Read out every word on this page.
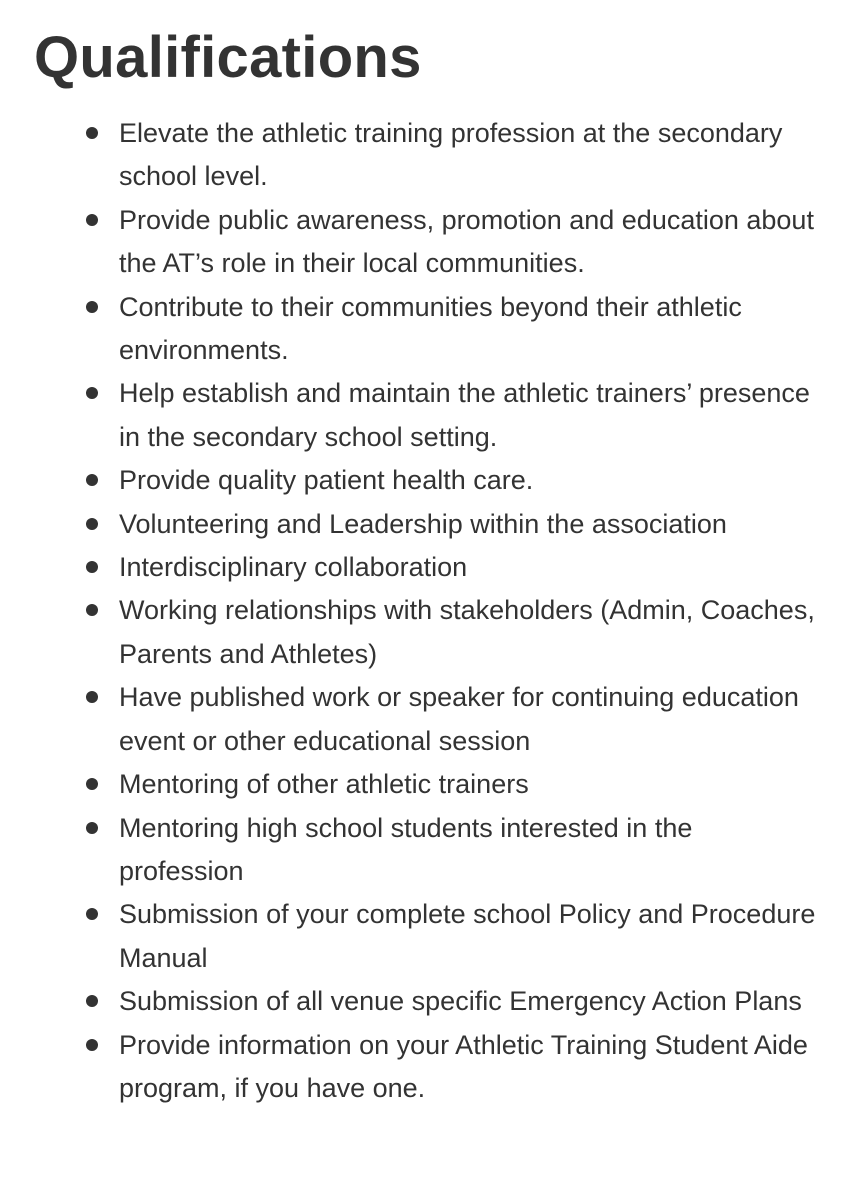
Qualifications
Elevate the athletic training profession at the secondary school level.
Provide public awareness, promotion and education about the AT’s role in their local communities.
Contribute to their communities beyond their athletic environments.
Help establish and maintain the athletic trainers’ presence in the secondary school setting.
Provide quality patient health care.
Volunteering and Leadership within the association
Interdisciplinary collaboration
Working relationships with stakeholders (Admin, Coaches, Parents and Athletes)
Have published work or speaker for continuing education event or other educational session
Mentoring of other athletic trainers
Mentoring high school students interested in the profession
Submission of your complete school Policy and Procedure Manual
Submission of all venue specific Emergency Action Plans
Provide information on your Athletic Training Student Aide program, if you have one.
